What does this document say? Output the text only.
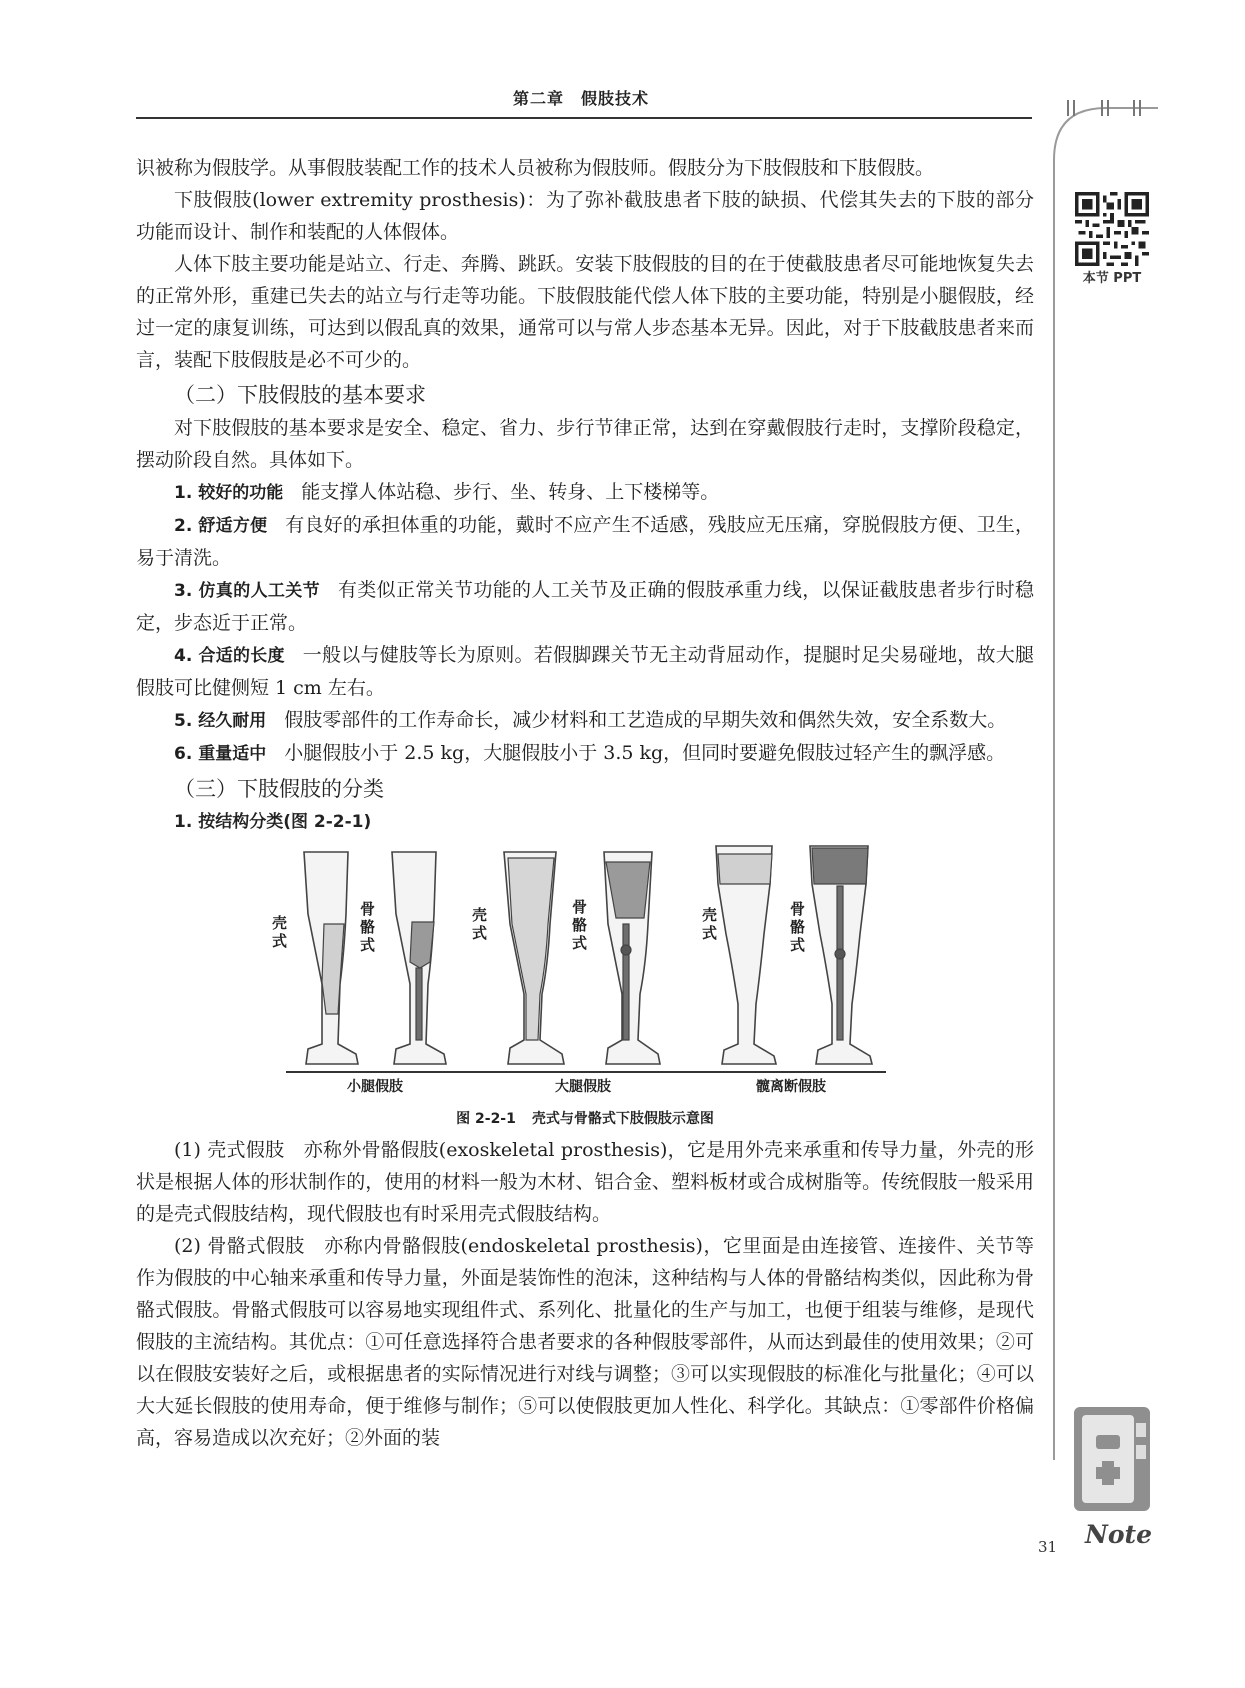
第二章　假肢技术
本节 PPT
Note

识被称为假肢学。从事假肢装配工作的技术人员被称为假肢师。假肢分为下肢假肢和下肢假肢。

下肢假肢(lower extremity prosthesis)：为了弥补截肢患者下肢的缺损、代偿其失去的下肢的部分功能而设计、制作和装配的人体假体。

人体下肢主要功能是站立、行走、奔腾、跳跃。安装下肢假肢的目的在于使截肢患者尽可能地恢复失去的正常外形，重建已失去的站立与行走等功能。下肢假肢能代偿人体下肢的主要功能，特别是小腿假肢，经过一定的康复训练，可达到以假乱真的效果，通常可以与常人步态基本无异。因此，对于下肢截肢患者来而言，装配下肢假肢是必不可少的。

（二）下肢假肢的基本要求

对下肢假肢的基本要求是安全、稳定、省力、步行节律正常，达到在穿戴假肢行走时，支撑阶段稳定，摆动阶段自然。具体如下。

1. 较好的功能 能支撑人体站稳、步行、坐、转身、上下楼梯等。

2. 舒适方便 有良好的承担体重的功能，戴时不应产生不适感，残肢应无压痛，穿脱假肢方便、卫生，易于清洗。

3. 仿真的人工关节 有类似正常关节功能的人工关节及正确的假肢承重力线，以保证截肢患者步行时稳定，步态近于正常。

4. 合适的长度 一般以与健肢等长为原则。若假脚踝关节无主动背屈动作，提腿时足尖易碰地，故大腿假肢可比健侧短 1 cm 左右。

5. 经久耐用 假肢零部件的工作寿命长，减少材料和工艺造成的早期失效和偶然失效，安全系数大。

6. 重量适中 小腿假肢小于 2.5 kg，大腿假肢小于 3.5 kg，但同时要避免假肢过轻产生的飘浮感。

（三）下肢假肢的分类
1. 按结构分类(图 2-2-1)
壳式
骨骼式
壳式
骨骼式
壳式
骨骼式
小腿假肢	大腿假肢	髋离断假肢
图 2-2-1 壳式与骨骼式下肢假肢示意图

(1) 壳式假肢　亦称外骨骼假肢(exoskeletal prosthesis)，它是用外壳来承重和传导力量，外壳的形状是根据人体的形状制作的，使用的材料一般为木材、铝合金、塑料板材或合成树脂等。传统假肢一般采用的是壳式假肢结构，现代假肢也有时采用壳式假肢结构。

(2) 骨骼式假肢　亦称内骨骼假肢(endoskeletal prosthesis)，它里面是由连接管、连接件、关节等作为假肢的中心轴来承重和传导力量，外面是装饰性的泡沫，这种结构与人体的骨骼结构类似，因此称为骨骼式假肢。骨骼式假肢可以容易地实现组件式、系列化、批量化的生产与加工，也便于组装与维修，是现代假肢的主流结构。其优点：①可任意选择符合患者要求的各种假肢零部件，从而达到最佳的使用效果；②可以在假肢安装好之后，或根据患者的实际情况进行对线与调整；③可以实现假肢的标准化与批量化；④可以大大延长假肢的使用寿命，便于维修与制作；⑤可以使假肢更加人性化、科学化。其缺点：①零部件价格偏高，容易造成以次充好；②外面的装

31
